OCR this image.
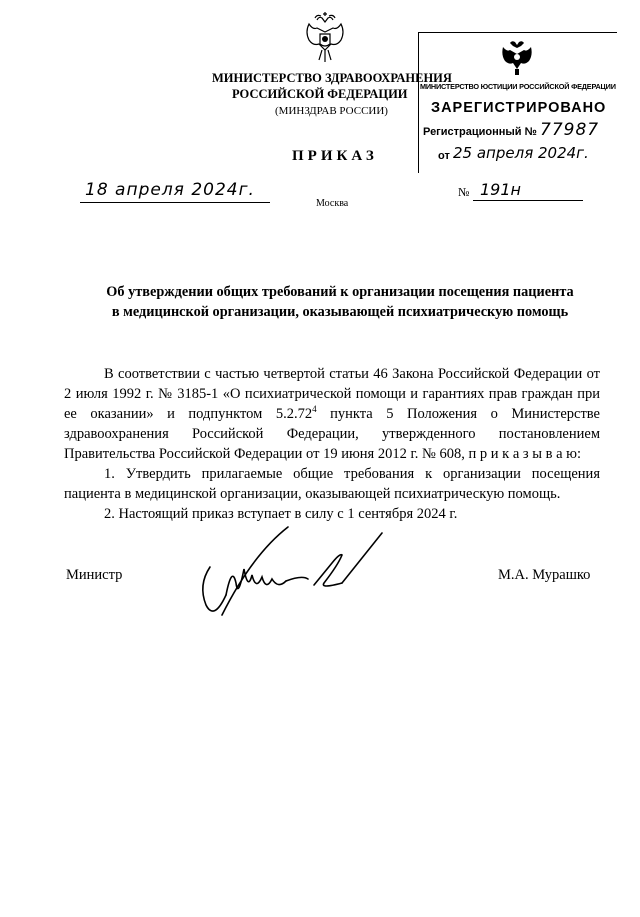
МИНИСТЕРСТВО ЗДРАВООХРАНЕНИЯ
РОССИЙСКОЙ ФЕДЕРАЦИИ
(МИНЗДРАВ РОССИИ)
ПРИКАЗ
18 апреля 2024г.
Москва
№ 191н
МИНИСТЕРСТВО ЮСТИЦИИ РОССИЙСКОЙ ФЕДЕРАЦИИ
ЗАРЕГИСТРИРОВАНО
Регистрационный № 77987
от 25 апреля 2024г.
Об утверждении общих требований к организации посещения пациента
в медицинской организации, оказывающей психиатрическую помощь

В соответствии с частью четвертой статьи 46 Закона Российской Федерации от 2 июля 1992 г. № 3185-1 «О психиатрической помощи и гарантиях прав граждан при ее оказании» и подпунктом 5.2.72$^4$ пункта 5 Положения о Министерстве здравоохранения Российской Федерации, утвержденного постановлением Правительства Российской Федерации от 19 июня 2012 г. № 608, п р и к а з ы в а ю:

1. Утвердить прилагаемые общие требования к организации посещения пациента в медицинской организации, оказывающей психиатрическую помощь.

2. Настоящий приказ вступает в силу с 1 сентября 2024 г.

Министр	М.А. Мурашко
